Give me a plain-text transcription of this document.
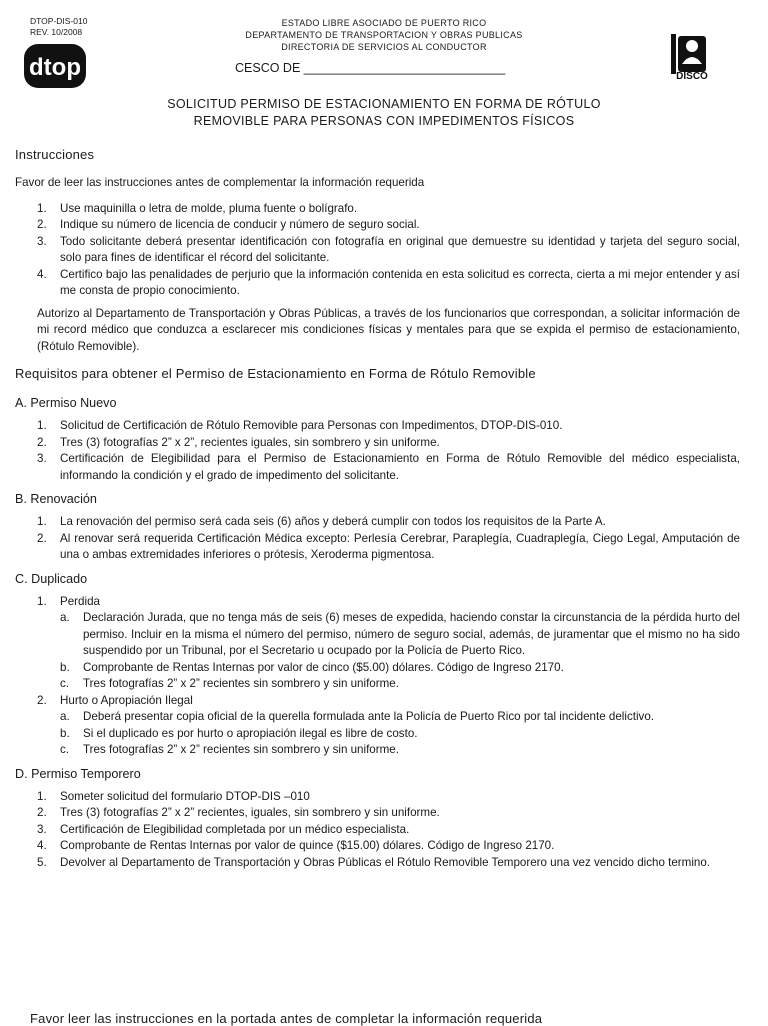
DTOP-DIS-010
REV. 10/2008
dtop
ESTADO LIBRE ASOCIADO DE PUERTO RICO
DEPARTAMENTO DE TRANSPORTACION Y OBRAS PUBLICAS
DIRECTORIA DE SERVICIOS AL CONDUCTOR
CESCO DE _____________________________
DISCO
SOLICITUD PERMISO DE ESTACIONAMIENTO EN FORMA DE RÓTULO
REMOVIBLE PARA PERSONAS CON IMPEDIMENTOS FÍSICOS
Instrucciones

Favor de leer las instrucciones antes de complementar la información requerida

1.	Use maquinilla o letra de molde, pluma fuente o bolígrafo.
2.	Indique su número de licencia de conducir y número de seguro social.
3.	Todo solicitante deberá presentar identificación con fotografía en original que demuestre su identidad y tarjeta del seguro social, solo para fines de identificar el récord del solicitante.
4.	Certifico bajo las penalidades de perjurio que la información contenida en esta solicitud es correcta, cierta a mi mejor entender y así me consta de propio conocimiento.
Autorizo al Departamento de Transportación y Obras Públicas, a través de los funcionarios que correspondan, a solicitar información de mi record médico que conduzca a esclarecer mis condiciones físicas y mentales para que se expida el permiso de estacionamiento, (Rótulo Removible).
Requisitos para obtener el Permiso de Estacionamiento en Forma de Rótulo Removible
A. Permiso Nuevo
1.	Solicitud de Certificación de Rótulo Removible para Personas con Impedimentos, DTOP-DIS-010.
2.	Tres (3) fotografías 2” x 2”, recientes iguales, sin sombrero y sin uniforme.
3.	Certificación de Elegibilidad para el Permiso de Estacionamiento en Forma de Rótulo Removible del médico especialista, informando la condición y el grado de impedimento del solicitante.
B. Renovación
1.	La renovación del permiso será cada seis (6) años y deberá cumplir con todos los requisitos de la Parte A.
2.	Al renovar será requerida Certificación Médica excepto: Perlesía Cerebrar, Paraplegía, Cuadraplegía, Ciego Legal, Amputación de una o ambas extremidades inferiores o prótesis, Xeroderma pigmentosa.
C. Duplicado
1.	Perdida
a.	Declaración Jurada, que no tenga más de seis (6) meses de expedida, haciendo constar la circunstancia de la pérdida hurto del permiso. Incluir en la misma el número del permiso, número de seguro social, además, de juramentar que el mismo no ha sido suspendido por un Tribunal, por el Secretario u ocupado por la Policía de Puerto Rico.
b.	Comprobante de Rentas Internas por valor de cinco ($5.00) dólares. Código de Ingreso 2170.
c.	Tres fotografías 2” x 2” recientes sin sombrero y sin uniforme.
2.	Hurto o Apropiación Ilegal
a.	Deberá presentar copia oficial de la querella formulada ante la Policía de Puerto Rico por tal incidente delictivo.
b.	Si el duplicado es por hurto o apropiación ilegal es libre de costo.
c.	Tres fotografías 2” x 2” recientes sin sombrero y sin uniforme.
D. Permiso Temporero
1.	Someter solicitud del formulario DTOP-DIS –010
2.	Tres (3) fotografías 2” x 2” recientes, iguales, sin sombrero y sin uniforme.
3.	Certificación de Elegibilidad completada por un médico especialista.
4.	Comprobante de Rentas Internas por valor de quince ($15.00) dólares. Código de Ingreso 2170.
5.	Devolver al Departamento de Transportación y Obras Públicas el Rótulo Removible Temporero una vez vencido dicho termino.
Favor leer las instrucciones en la portada antes de completar la información requerida
